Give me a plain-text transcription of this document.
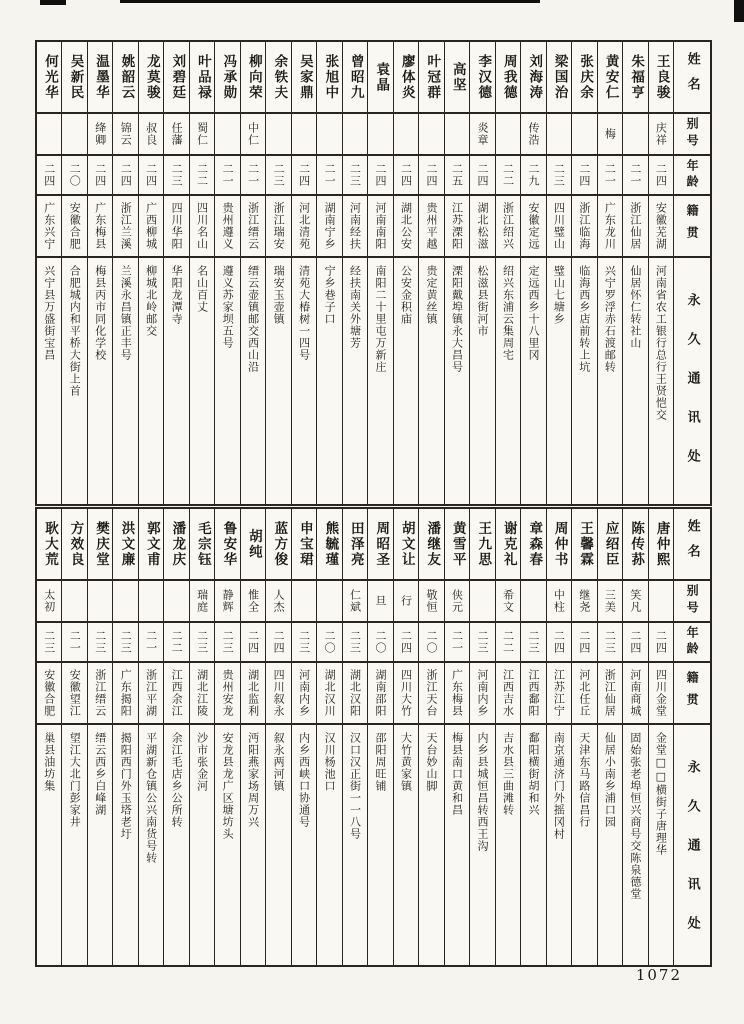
何光华
二四
广东兴宁
兴宁县万盛街宝昌
吴新民
二〇
安徽合肥
合肥城内和平桥大街上首
温墨华
绛卿
二四
广东梅县
梅县丙市同化学校
姚韶云
锦云
二四
浙江兰溪
兰溪永昌镇正丰号
龙莫骏
叔良
二四
广西柳城
柳城北岭邮交
刘碧廷
任藩
二三
四川华阳
华阳龙潭寺
叶品禄
蜀仁
二二
四川名山
名山百丈
冯承勋
二一
贵州遵义
遵义苏家坝五号
柳向荣
中仁
二一
浙江缙云
缙云壶镇邮交西山沿
余铁夫
二三
浙江瑞安
瑞安玉壶镇
吴家鼎
二四
河北清苑
清苑大椿树一四号
张旭中
二一
湖南宁乡
宁乡巷子口
曾昭九
二三
河南经扶
经扶南关外塘芳
袁晶
二四
河南南阳
南阳二十里屯万新庄
廖体炎
二四
湖北公安
公安金积庙
叶冠群
二四
贵州平越
贵定黄丝镇
高坚
二五
江苏溧阳
溧阳戴埠镇永大昌号
李汉德
炎章
二四
湖北松滋
松滋县街河市
周我德
二二
浙江绍兴
绍兴东浦云集周宅
刘海涛
传浩
二九
安徽定远
定远西乡十八里冈
梁国治
二三
四川璧山
璧山七塘乡
张庆余
二四
浙江临海
临海西乡店前转上坑
黄安仁
梅
二一
广东龙川
兴宁罗浮赤石渡邮转
朱福亨
二一
浙江仙居
仙居怀仁转社山
王良骏
庆祥
二四
安徽芜湖
河南省农工银行总行王贤恺交
姓名
别号
年龄
籍贯
永久通讯处
耿大荒
太初
二三
安徽合肥
巢县油坊集
方效良
二一
安徽望江
望江大北门彭家井
樊庆堂
二三
浙江缙云
缙云西乡白峰湖
洪文廉
二三
广东揭阳
揭阳西门外玉塔老圩
郭文甫
二一
浙江平湖
平湖新仓镇公兴南货号转
潘龙庆
二二
江西余江
余江毛店乡公所转
毛宗钰
瑞庭
二三
湖北江陵
沙市张金河
鲁安华
静辉
二三
贵州安龙
安龙县龙广区塘坊头
胡纯
惟全
二四
湖北监利
沔阳燕家场周万兴
蓝方俊
人杰
二四
四川叙永
叙永两河镇
申宝珺
二三
河南内乡
内乡西峡口协通号
熊毓瑾
二〇
湖北汉川
汉川杨池口
田泽亮
仁斌
二三
湖北汉阳
汉口汉正街一一八号
周昭圣
旦
二〇
湖南邵阳
邵阳周旺铺
胡文让
行
二四
四川大竹
大竹黄家镇
潘继友
敬恒
二〇
浙江天台
天台妙山脚
黄雪平
侠元
二一
广东梅县
梅县南口黄和昌
王九思
二三
河南内乡
内乡县城恒昌转西王沟
谢克礼
希文
二二
江西吉水
吉水县三曲滩转
章森春
二三
江西鄱阳
鄱阳横街胡和兴
周仲书
中柱
二四
江苏江宁
南京通济门外摇冈村
王馨霖
继尧
二四
河北任丘
天津东马路信昌行
应绍臣
三美
二三
浙江仙居
仙居小南乡浦口园
陈传荪
笑凡
二四
河南商城
固始张老埠恒兴商号交陈泉德堂
唐仲熙
二四
四川金堂
金堂□□横街子唐理华
姓名
别号
年龄
籍贯
永久通讯处
1072
